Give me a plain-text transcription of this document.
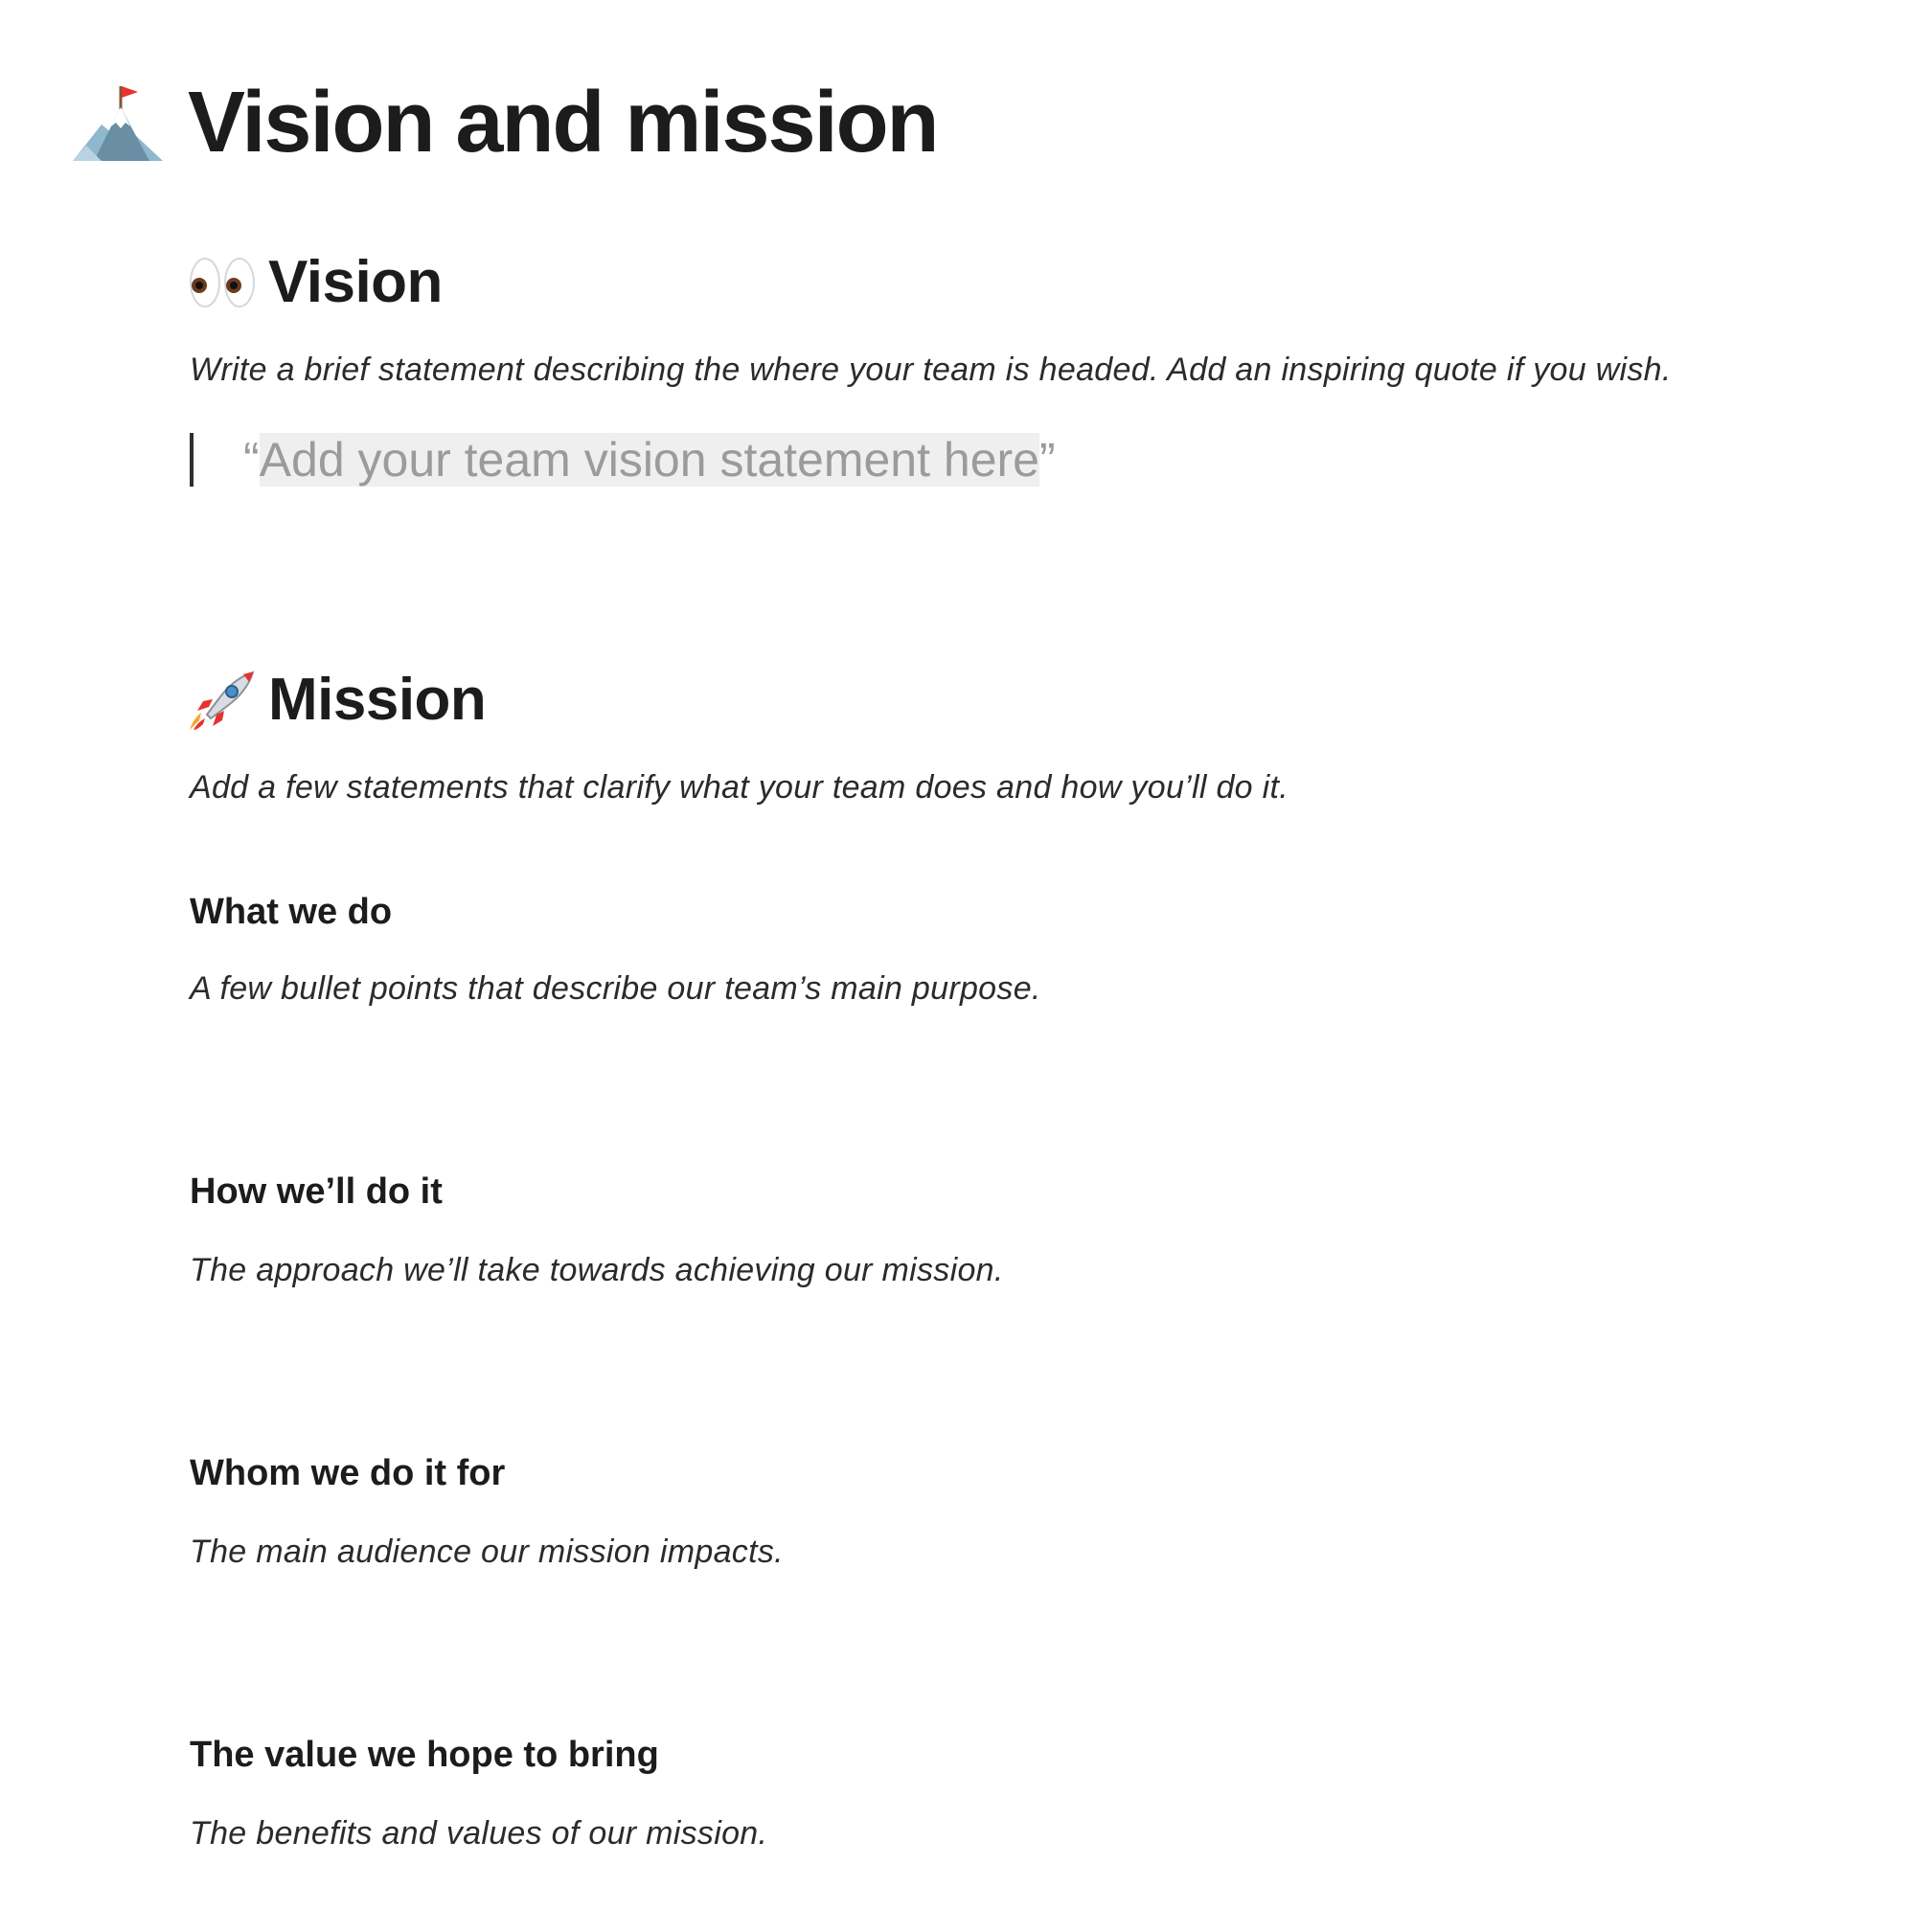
Vision and mission
Vision

Write a brief statement describing the where your team is headed. Add an inspiring quote if you wish.

“Add your team vision statement here”
Mission

Add a few statements that clarify what your team does and how you’ll do it.

What we do

A few bullet points that describe our team’s main purpose.

How we’ll do it

The approach we’ll take towards achieving our mission.

Whom we do it for

The main audience our mission impacts.

The value we hope to bring

The benefits and values of our mission.
